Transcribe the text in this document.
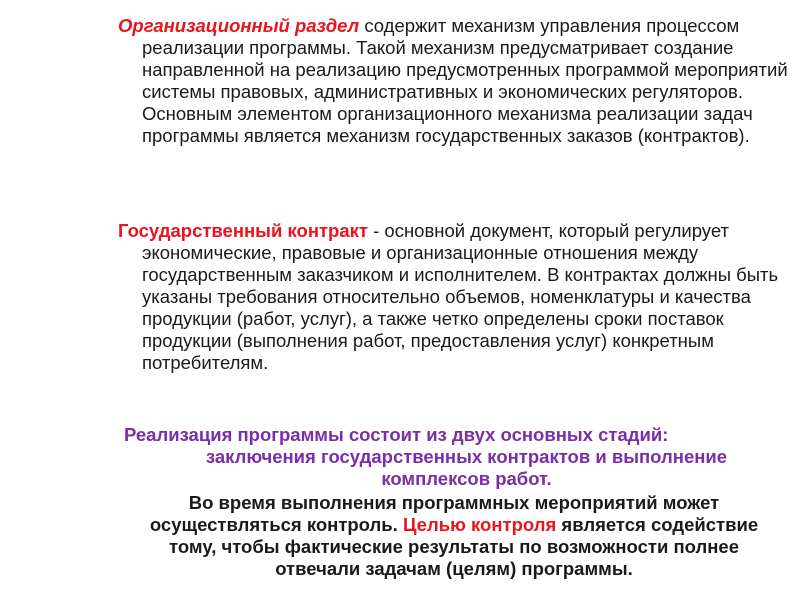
Организационный раздел содержит механизм управления процессом реализации программы. Такой механизм предусматривает создание направленной на реализацию предусмотренных программой мероприятий системы правовых, административных и экономических регуляторов.
Основным элементом организационного механизма реализации задач программы является механизм государственных заказов (контрактов).
Государственный контракт - основной документ, который регулирует экономические, правовые и организационные отношения между государственным заказчиком и исполнителем. В контрактах должны быть указаны требования относительно объемов, номенклатуры и качества продукции (работ, услуг), а также четко определены сроки поставок продукции (выполнения работ, предоставления услуг) конкретным потребителям.
Реализация программы состоит из двух основных стадий:
заключения государственных контрактов и выполнение комплексов работ.
Во время выполнения программных мероприятий может осуществляться контроль. Целью контроля является содействие тому, чтобы фактические результаты по возможности полнее отвечали задачам (целям) программы.
